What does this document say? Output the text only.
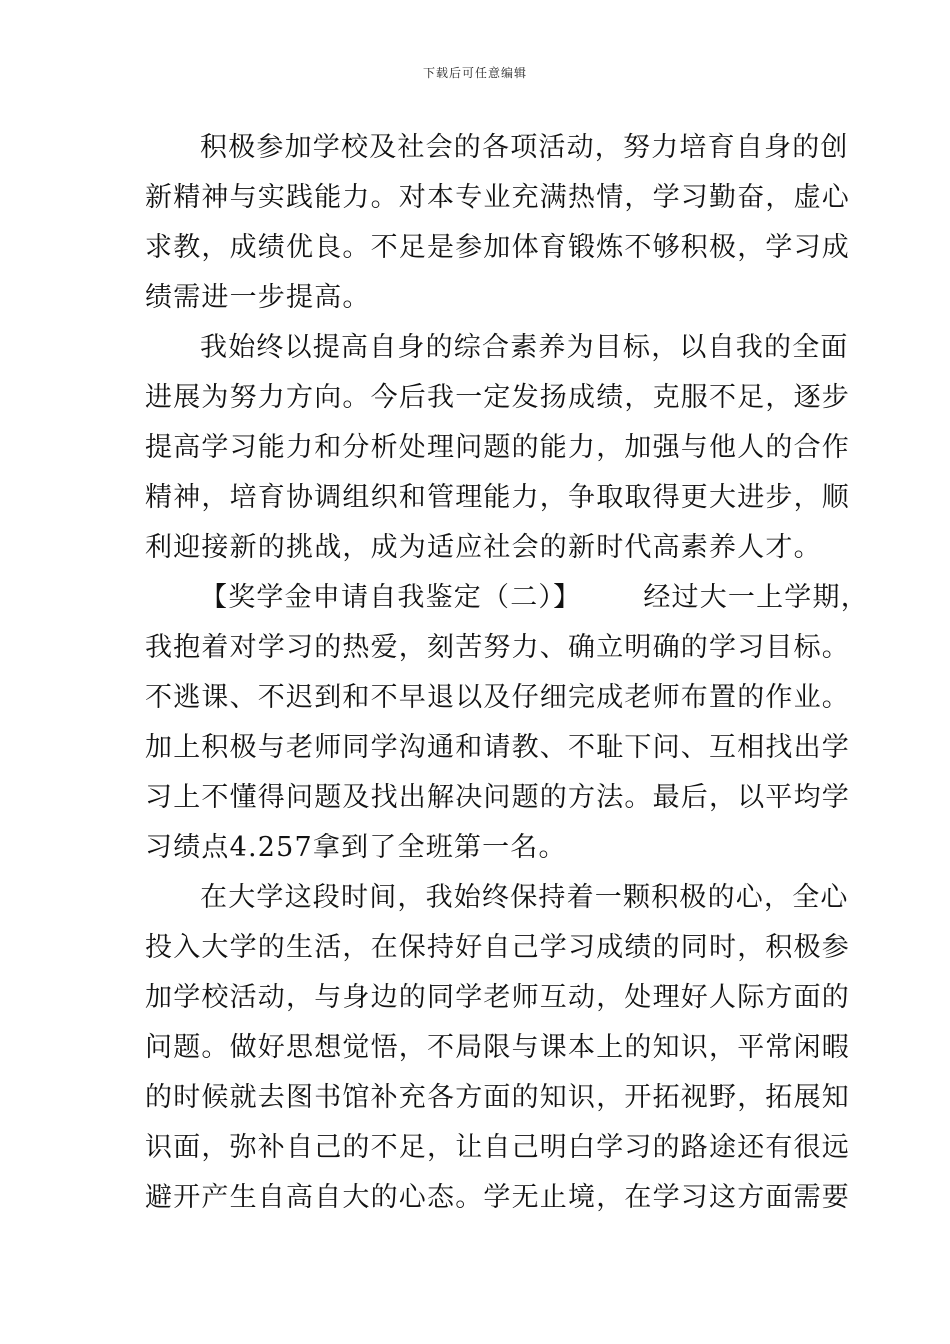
下载后可任意编辑
积极参加学校及社会的各项活动，努力培育自身的创
新精神与实践能力。对本专业充满热情，学习勤奋，虚心
求教，成绩优良。不足是参加体育锻炼不够积极，学习成
绩需进一步提高。
我始终以提高自身的综合素养为目标，以自我的全面
进展为努力方向。今后我一定发扬成绩，克服不足，逐步
提高学习能力和分析处理问题的能力，加强与他人的合作
精神，培育协调组织和管理能力，争取取得更大进步，顺
利迎接新的挑战，成为适应社会的新时代高素养人才。
【奖学金申请自我鉴定（二）】 经过大一上学期，
我抱着对学习的热爱，刻苦努力、确立明确的学习目标。
不逃课、不迟到和不早退以及仔细完成老师布置的作业。
加上积极与老师同学沟通和请教、不耻下问、互相找出学
习上不懂得问题及找出解决问题的方法。最后，以平均学
习绩点4.257拿到了全班第一名。
在大学这段时间，我始终保持着一颗积极的心，全心
投入大学的生活，在保持好自己学习成绩的同时，积极参
加学校活动，与身边的同学老师互动，处理好人际方面的
问题。做好思想觉悟，不局限与课本上的知识，平常闲暇
的时候就去图书馆补充各方面的知识，开拓视野，拓展知
识面，弥补自己的不足，让自己明白学习的路途还有很远
避开产生自高自大的心态。学无止境，在学习这方面需要
